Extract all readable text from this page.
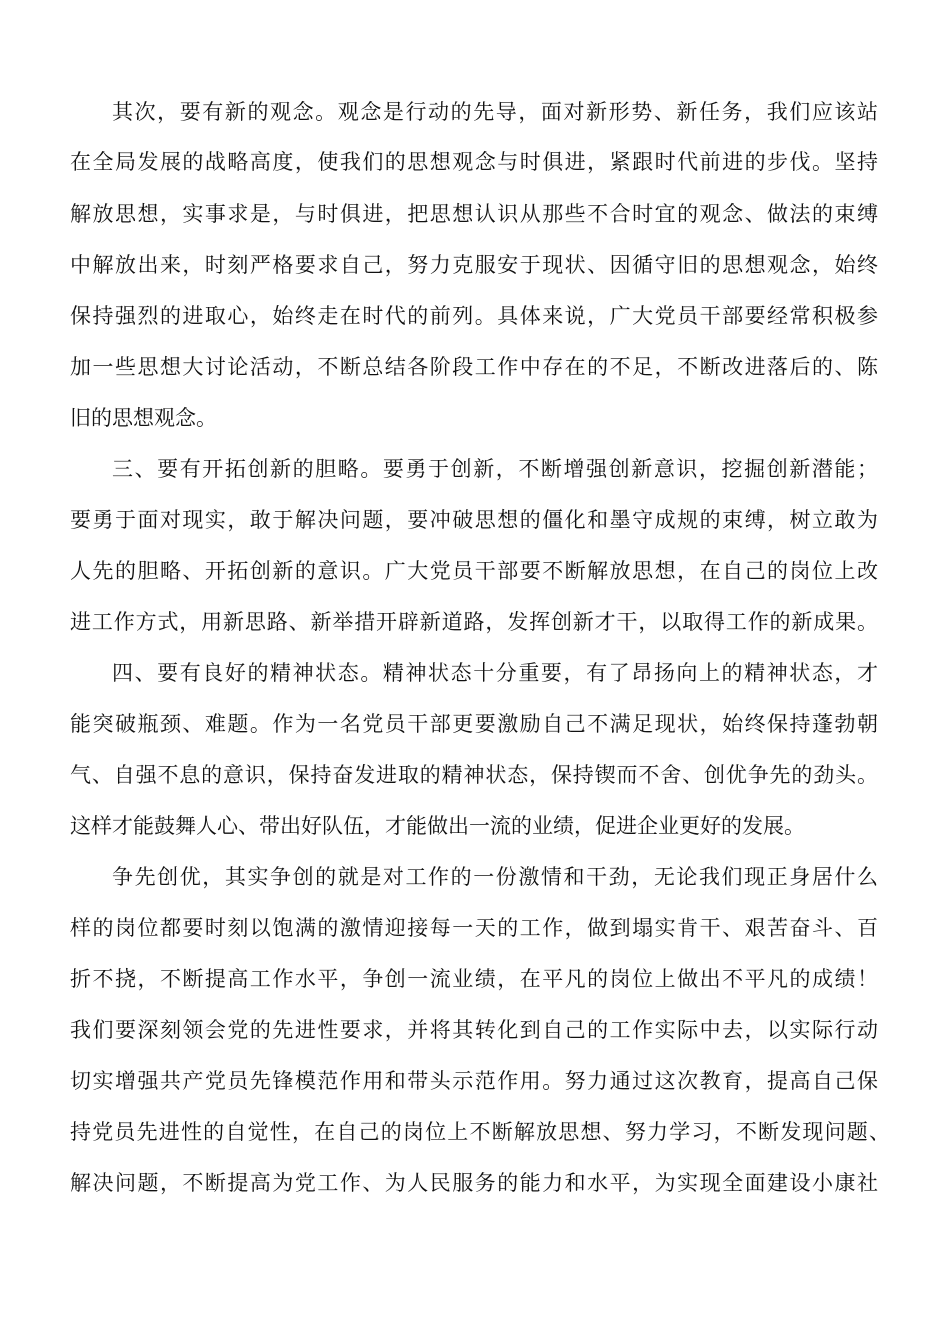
其次，要有新的观念。观念是行动的先导，面对新形势、新任务，我们应该站
在全局发展的战略高度，使我们的思想观念与时俱进，紧跟时代前进的步伐。坚持
解放思想，实事求是，与时俱进，把思想认识从那些不合时宜的观念、做法的束缚
中解放出来，时刻严格要求自己，努力克服安于现状、因循守旧的思想观念，始终
保持强烈的进取心，始终走在时代的前列。具体来说，广大党员干部要经常积极参
加一些思想大讨论活动，不断总结各阶段工作中存在的不足，不断改进落后的、陈
旧的思想观念。
三、要有开拓创新的胆略。要勇于创新，不断增强创新意识，挖掘创新潜能；
要勇于面对现实，敢于解决问题，要冲破思想的僵化和墨守成规的束缚，树立敢为
人先的胆略、开拓创新的意识。广大党员干部要不断解放思想，在自己的岗位上改
进工作方式，用新思路、新举措开辟新道路，发挥创新才干，以取得工作的新成果。
四、要有良好的精神状态。精神状态十分重要，有了昂扬向上的精神状态，才
能突破瓶颈、难题。作为一名党员干部更要激励自己不满足现状，始终保持蓬勃朝
气、自强不息的意识，保持奋发进取的精神状态，保持锲而不舍、创优争先的劲头。
这样才能鼓舞人心、带出好队伍，才能做出一流的业绩，促进企业更好的发展。
争先创优，其实争创的就是对工作的一份激情和干劲，无论我们现正身居什么
样的岗位都要时刻以饱满的激情迎接每一天的工作，做到塌实肯干、艰苦奋斗、百
折不挠，不断提高工作水平，争创一流业绩，在平凡的岗位上做出不平凡的成绩！
我们要深刻领会党的先进性要求，并将其转化到自己的工作实际中去，以实际行动
切实增强共产党员先锋模范作用和带头示范作用。努力通过这次教育，提高自己保
持党员先进性的自觉性，在自己的岗位上不断解放思想、努力学习，不断发现问题、
解决问题，不断提高为党工作、为人民服务的能力和水平，为实现全面建设小康社
